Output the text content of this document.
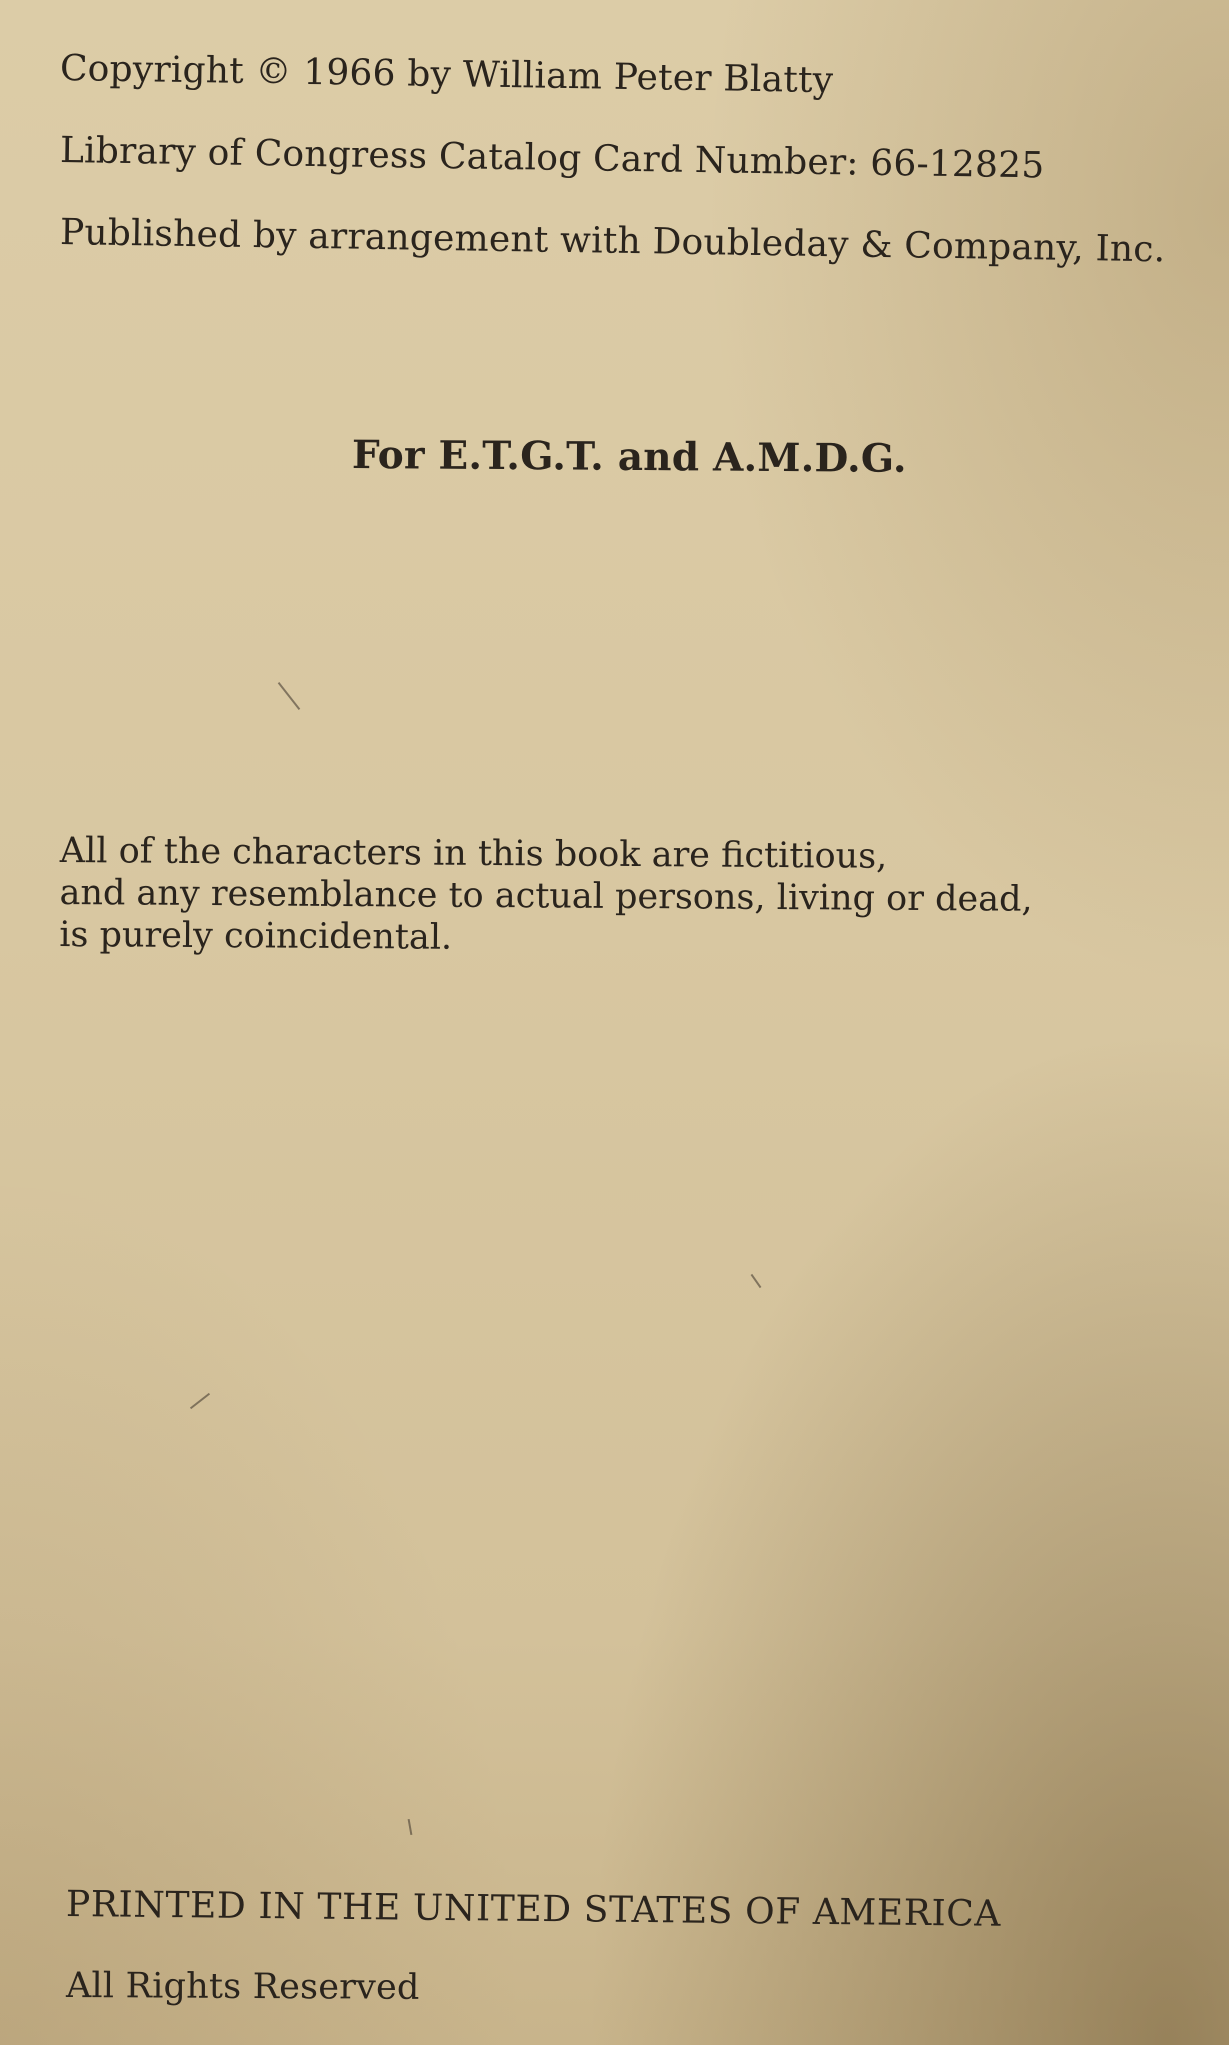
Copyright © 1966 by William Peter Blatty
Library of Congress Catalog Card Number: 66-12825
Published by arrangement with Doubleday & Company, Inc.
For E.T.G.T. and A.M.D.G.
All of the characters in this book are fictitious,
and any resemblance to actual persons, living or dead,
is purely coincidental.
PRINTED IN THE UNITED STATES OF AMERICA
All Rights Reserved
